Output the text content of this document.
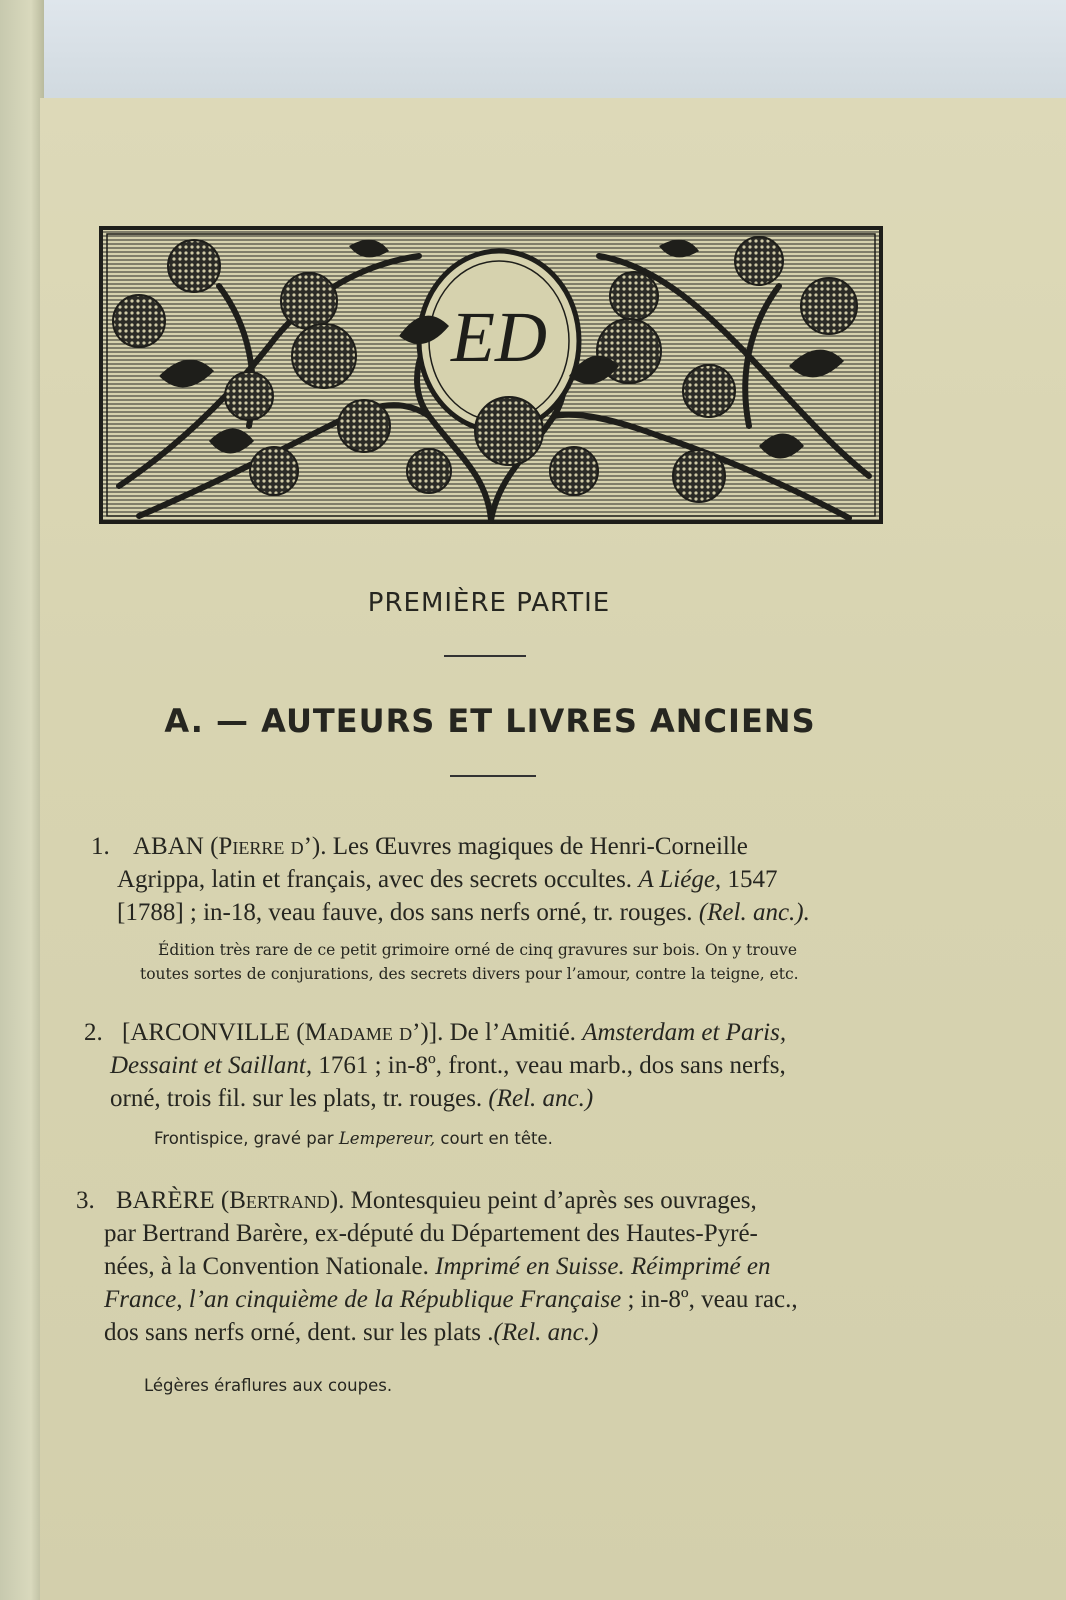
ED
PREMIÈRE PARTIE
A. — AUTEURS ET LIVRES ANCIENS
1. ABAN (Pierre d’). Les Œuvres magiques de Henri-Corneille
Agrippa, latin et français, avec des secrets occultes. A Liége, 1547
[1788] ; in-18, veau fauve, dos sans nerfs orné, tr. rouges. (Rel. anc.).
Édition très rare de ce petit grimoire orné de cinq gravures sur bois. On y trouve
toutes sortes de conjurations, des secrets divers pour l’amour, contre la teigne, etc.
2. [ARCONVILLE (Madame d’)]. De l’Amitié. Amsterdam et Paris,
Dessaint et Saillant, 1761 ; in-8º, front., veau marb., dos sans nerfs,
orné, trois fil. sur les plats, tr. rouges. (Rel. anc.)
Frontispice, gravé par Lempereur, court en tête.
3. BARÈRE (Bertrand). Montesquieu peint d’après ses ouvrages,
par Bertrand Barère, ex-député du Département des Hautes-Pyré-
nées, à la Convention Nationale. Imprimé en Suisse. Réimprimé en
France, l’an cinquième de la République Française ; in-8º, veau rac.,
dos sans nerfs orné, dent. sur les plats .(Rel. anc.)
Légères éraflures aux coupes.
